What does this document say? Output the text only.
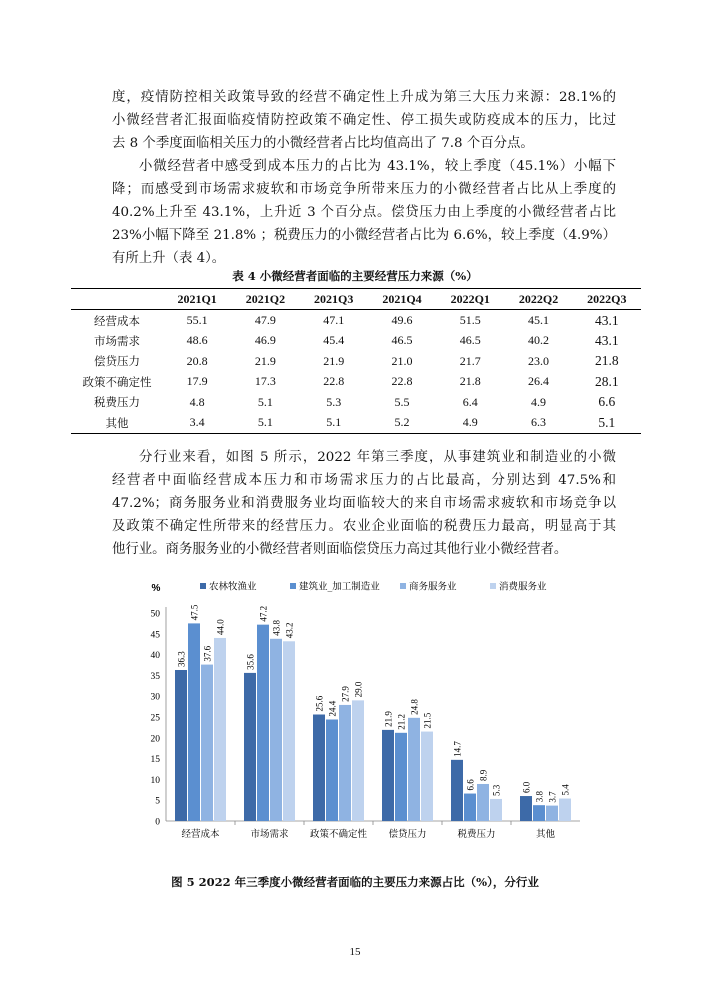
度，疫情防控相关政策导致的经营不确定性上升成为第三大压力来源：28.1%的
小微经营者汇报面临疫情防控政策不确定性、停工损失或防疫成本的压力，比过
去 8 个季度面临相关压力的小微经营者占比均值高出了 7.8 个百分点。

小微经营者中感受到成本压力的占比为 43.1%，较上季度（45.1%）小幅下
降；而感受到市场需求疲软和市场竞争所带来压力的小微经营者占比从上季度的
40.2%上升至 43.1%，上升近 3 个百分点。偿贷压力由上季度的小微经营者占比
23%小幅下降至 21.8% ；税费压力的小微经营者占比为 6.6%，较上季度（4.9%）
有所上升（表 4）。

表 4 小微经营者面临的主要经营压力来源（%）

	2021Q1	2021Q2	2021Q3	2021Q4	2022Q1	2022Q2	2022Q3
经营成本	55.1	47.9	47.1	49.6	51.5	45.1	43.1
市场需求	48.6	46.9	45.4	46.5	46.5	40.2	43.1
偿贷压力	20.8	21.9	21.9	21.0	21.7	23.0	21.8
政策不确定性	17.9	17.3	22.8	22.8	21.8	26.4	28.1
税费压力	4.8	5.1	5.3	5.5	6.4	4.9	6.6
其他	3.4	5.1	5.1	5.2	4.9	6.3	5.1

分行业来看，如图 5 所示，2022 年第三季度，从事建筑业和制造业的小微
经营者中面临经营成本压力和市场需求压力的占比最高，分别达到 47.5%和
47.2%；商务服务业和消费服务业均面临较大的来自市场需求疲软和市场竞争以
及政策不确定性所带来的经营压力。农业企业面临的税费压力最高，明显高于其
他行业。商务服务业的小微经营者则面临偿贷压力高过其他行业小微经营者。

%
0
5
10
15
20
25
30
35
40
45
50
36.3
47.5
37.6
44.0
经营成本
35.6
47.2
43.8 43.2
市场需求
25.6 24.4
27.9 29.0
政策不确定性
21.9 21.2
24.8
21.5
偿贷压力
14.7
6.6
8.9
5.3
税费压力
6.0
3.8 3.7
5.4
其他
农林牧渔业	建筑业_加工制造业	商务服务业	消费服务业

图 5 2022 年三季度小微经营者面临的主要压力来源占比（%），分行业

15
